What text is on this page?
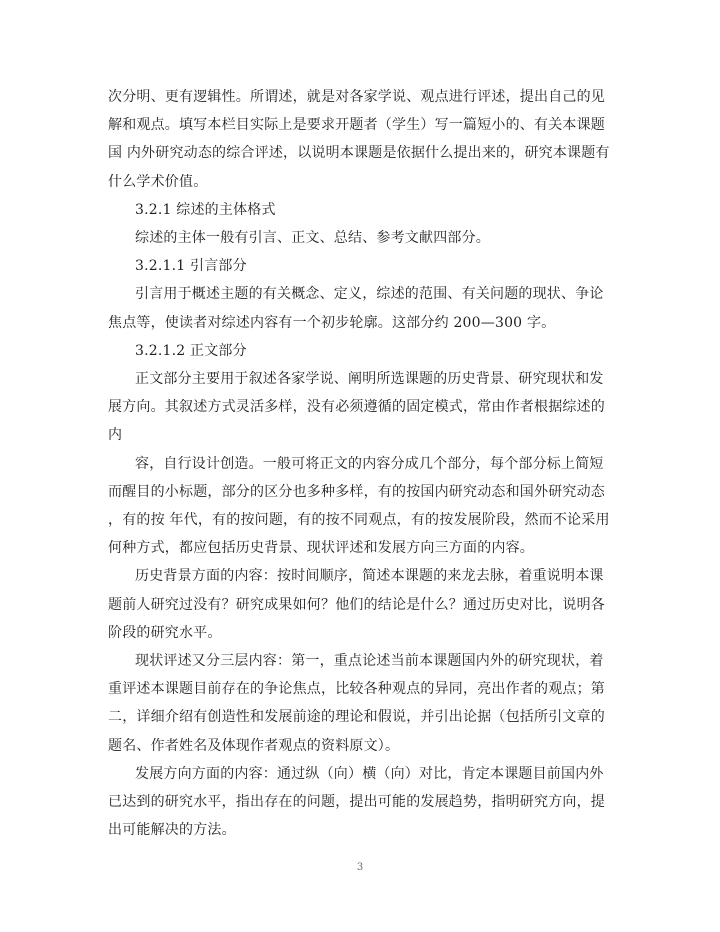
次分明、更有逻辑性。所谓述，就是对各家学说、观点进行评述，提出自己的见
解和观点。填写本栏目实际上是要求开题者（学生）写一篇短小的、有关本课题
国 内外研究动态的综合评述，以说明本课题是依据什么提出来的，研究本课题有
什么学术价值。
3.2.1 综述的主体格式
综述的主体一般有引言、正文、总结、参考文献四部分。
3.2.1.1 引言部分
引言用于概述主题的有关概念、定义，综述的范围、有关问题的现状、争论
焦点等，使读者对综述内容有一个初步轮廓。这部分约 200—300 字。
3.2.1.2 正文部分
正文部分主要用于叙述各家学说、阐明所选课题的历史背景、研究现状和发
展方向。其叙述方式灵活多样，没有必须遵循的固定模式，常由作者根据综述的
内
容，自行设计创造。一般可将正文的内容分成几个部分，每个部分标上简短
而醒目的小标题，部分的区分也多种多样，有的按国内研究动态和国外研究动态
，有的按 年代，有的按问题，有的按不同观点，有的按发展阶段，然而不论采用
何种方式，都应包括历史背景、现状评述和发展方向三方面的内容。
历史背景方面的内容：按时间顺序，简述本课题的来龙去脉，着重说明本课
题前人研究过没有？研究成果如何？他们的结论是什么？通过历史对比，说明各
阶段的研究水平。
现状评述又分三层内容：第一，重点论述当前本课题国内外的研究现状，着
重评述本课题目前存在的争论焦点，比较各种观点的异同，亮出作者的观点；第
二，详细介绍有创造性和发展前途的理论和假说，并引出论据（包括所引文章的
题名、作者姓名及体现作者观点的资料原文）。
发展方向方面的内容：通过纵（向）横（向）对比，肯定本课题目前国内外
已达到的研究水平，指出存在的问题，提出可能的发展趋势，指明研究方向，提
出可能解决的方法。
3
